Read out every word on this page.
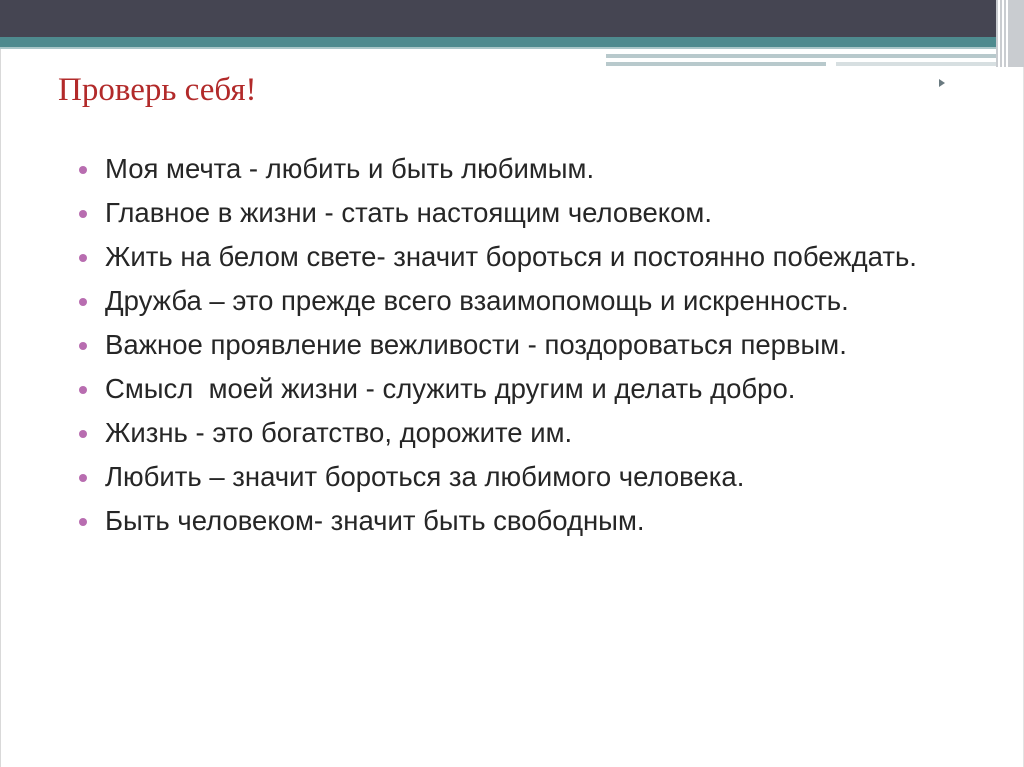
Проверь себя!
Моя мечта - любить и быть любимым.
Главное в жизни - стать настоящим человеком.
Жить на белом свете- значит бороться и постоянно побеждать.
Дружба – это прежде всего взаимопомощь и искренность.
Важное проявление вежливости - поздороваться первым.
Смысл  моей жизни - служить другим и делать добро.
Жизнь - это богатство, дорожите им.
Любить – значит бороться за любимого человека.
Быть человеком- значит быть свободным.
